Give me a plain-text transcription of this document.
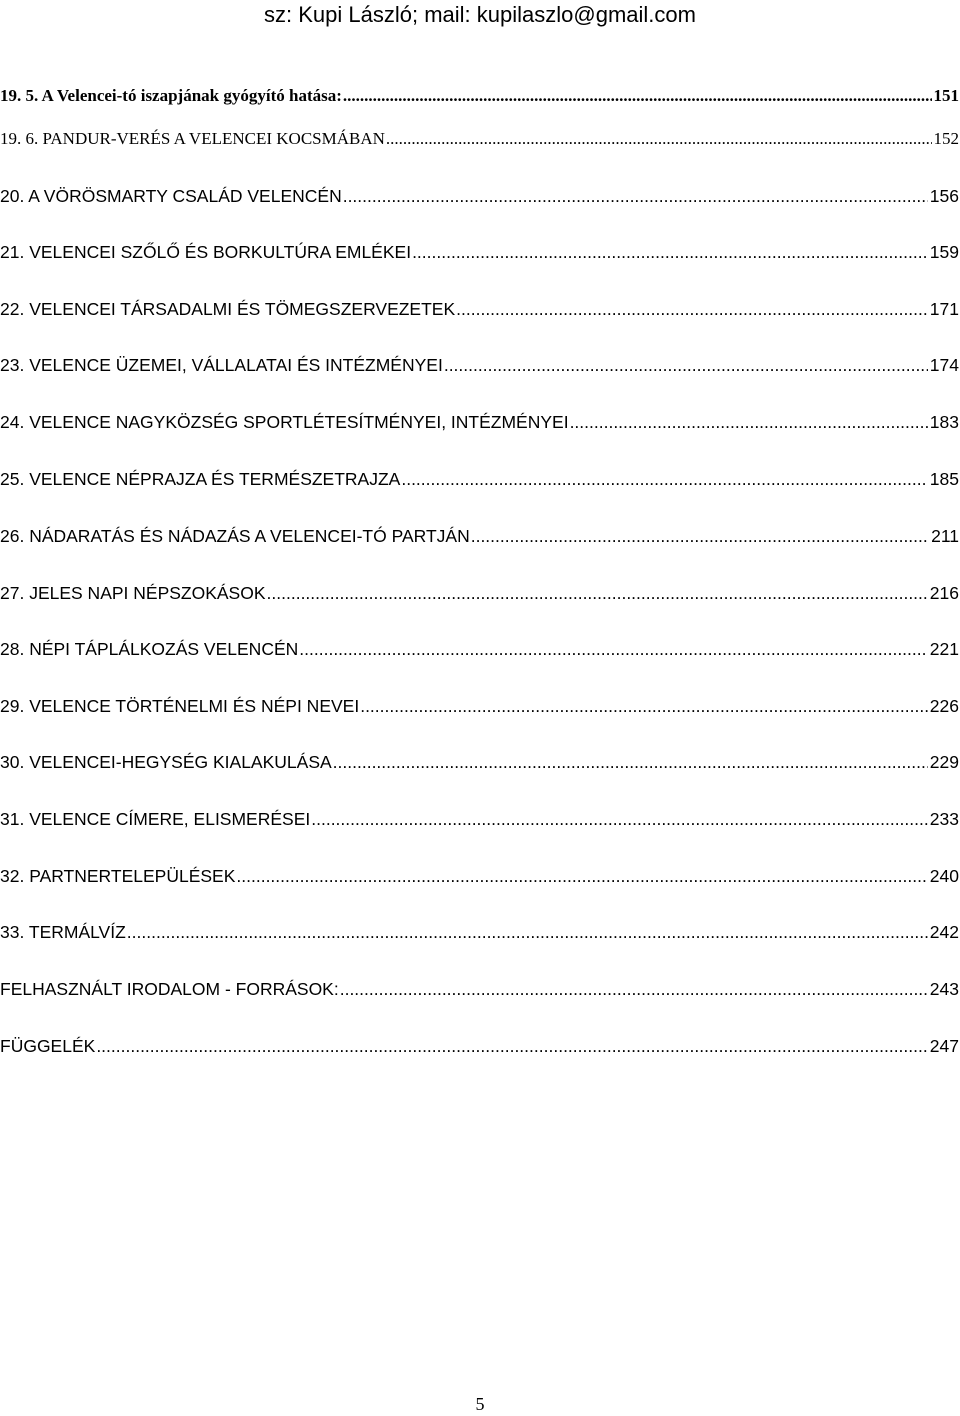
sz: Kupi László; mail: kupilaszlo@gmail.com
19. 5. A Velencei-tó iszapjának gyógyító hatása: .....	151
19. 6. PANDUR-VERÉS A VELENCEI KOCSMÁBAN .....	152
20. A VÖRÖSMARTY CSALÁD VELENCÉN .....	156
21. VELENCEI SZŐLŐ ÉS BORKULTÚRA EMLÉKEI .....	159
22. VELENCEI TÁRSADALMI ÉS TÖMEGSZERVEZETEK .....	171
23. VELENCE ÜZEMEI, VÁLLALATAI ÉS INTÉZMÉNYEI .....	174
24. VELENCE NAGYKÖZSÉG SPORTLÉTESÍTMÉNYEI, INTÉZMÉNYEI .....	183
25. VELENCE NÉPRAJZA ÉS TERMÉSZETRAJZA .....	185
26. NÁDARATÁS ÉS NÁDAZÁS A VELENCEI-TÓ PARTJÁN .....	211
27. JELES NAPI NÉPSZOKÁSOK .....	216
28. NÉPI TÁPLÁLKOZÁS VELENCÉN .....	221
29. VELENCE TÖRTÉNELMI ÉS NÉPI NEVEI .....	226
30. VELENCEI-HEGYSÉG KIALAKULÁSA .....	229
31. VELENCE CÍMERE, ELISMERÉSEI .....	233
32. PARTNERTELEPÜLÉSEK .....	240
33. TERMÁLVÍZ .....	242
FELHASZNÁLT IRODALOM - FORRÁSOK: .....	243
FÜGGELÉK .....	247
5
